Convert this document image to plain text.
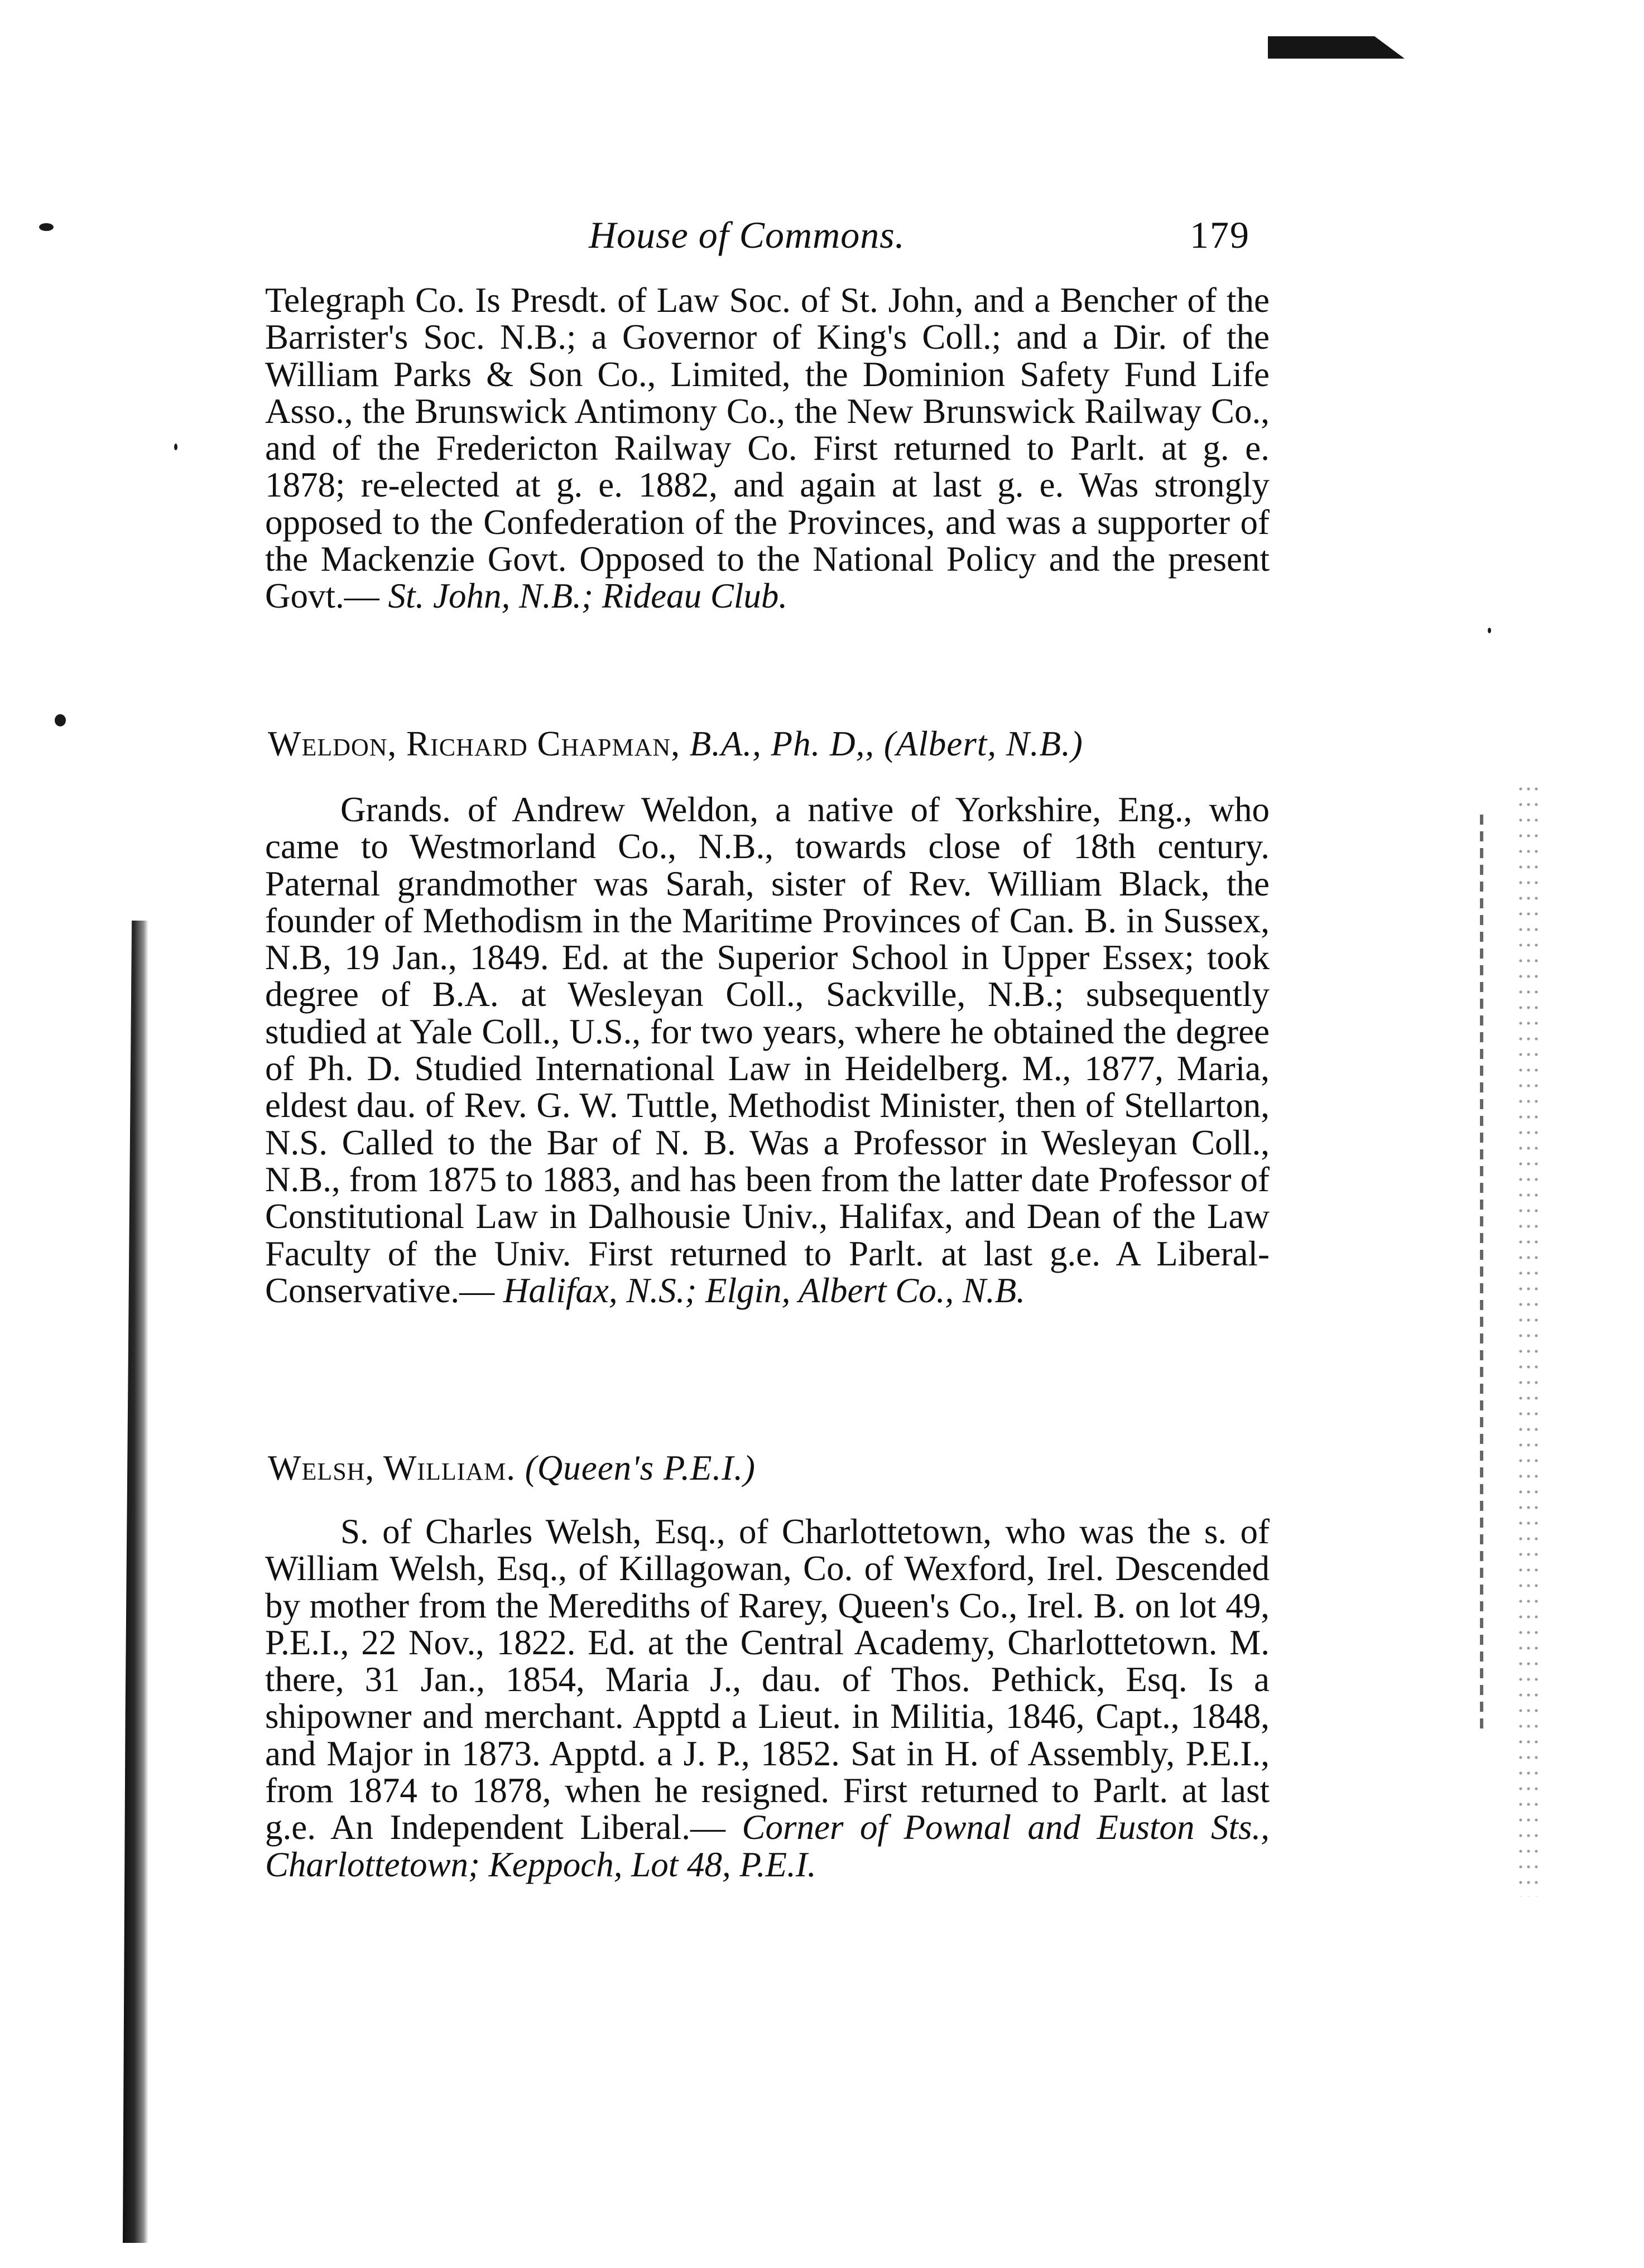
House of Commons.	179

Telegraph Co. Is Presdt. of Law Soc. of St. John, and a Bencher of the Barrister's Soc. N.B.; a Governor of King's Coll.; and a Dir. of the William Parks & Son Co., Limited, the Dominion Safety Fund Life Asso., the Brunswick Antimony Co., the New Brunswick Railway Co., and of the Fredericton Railway Co. First returned to Parlt. at g. e. 1878; re-elected at g. e. 1882, and again at last g. e. Was strongly opposed to the Confederation of the Provinces, and was a supporter of the Mackenzie Govt. Opposed to the National Policy and the present Govt.— St. John, N.B.; Rideau Club.

Weldon, Richard Chapman, B.A., Ph. D,, (Albert, N.B.)

Grands. of Andrew Weldon, a native of Yorkshire, Eng., who came to Westmorland Co., N.B., towards close of 18th century. Paternal grandmother was Sarah, sister of Rev. William Black, the founder of Methodism in the Maritime Provinces of Can. B. in Sussex, N.B, 19 Jan., 1849. Ed. at the Superior School in Upper Essex; took degree of B.A. at Wesleyan Coll., Sackville, N.B.; subsequently studied at Yale Coll., U.S., for two years, where he obtained the degree of Ph. D. Studied International Law in Heidelberg. M., 1877, Maria, eldest dau. of Rev. G. W. Tuttle, Methodist Minister, then of Stellarton, N.S. Called to the Bar of N. B. Was a Professor in Wesleyan Coll., N.B., from 1875 to 1883, and has been from the latter date Professor of Constitutional Law in Dalhousie Univ., Halifax, and Dean of the Law Faculty of the Univ. First returned to Parlt. at last g.e. A Liberal-Conservative.— Halifax, N.S.; Elgin, Albert Co., N.B.

Welsh, William. (Queen's P.E.I.)

S. of Charles Welsh, Esq., of Charlottetown, who was the s. of William Welsh, Esq., of Killagowan, Co. of Wexford, Irel. Descended by mother from the Merediths of Rarey, Queen's Co., Irel. B. on lot 49, P.E.I., 22 Nov., 1822. Ed. at the Central Academy, Charlottetown. M. there, 31 Jan., 1854, Maria J., dau. of Thos. Pethick, Esq. Is a shipowner and merchant. Apptd a Lieut. in Militia, 1846, Capt., 1848, and Major in 1873. Apptd. a J. P., 1852. Sat in H. of Assembly, P.E.I., from 1874 to 1878, when he resigned. First returned to Parlt. at last g.e. An Independent Liberal.— Corner of Pownal and Euston Sts., Charlottetown; Keppoch, Lot 48, P.E.I.
